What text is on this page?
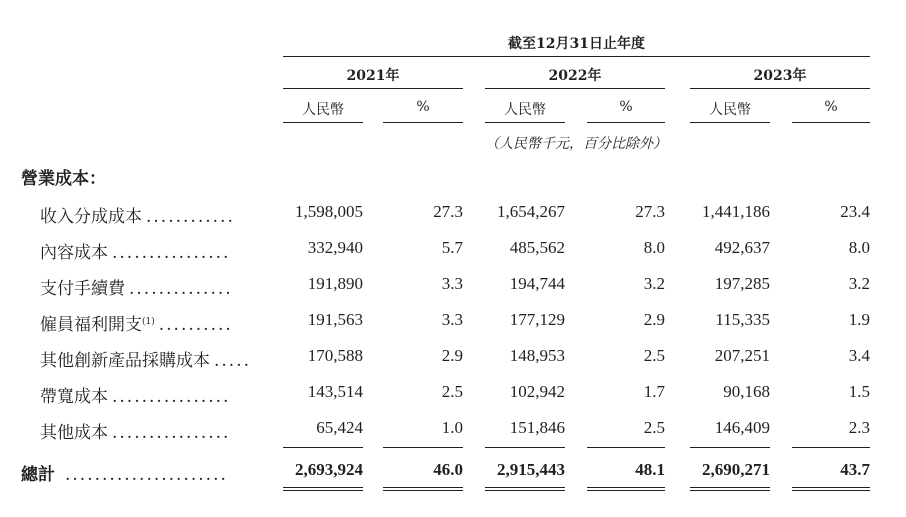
截至12月31日止年度
2021年	2022年	2023年
人民幣	%	人民幣	%	人民幣	%
（人民幣千元，百分比除外）
營業成本：
收入分成成本 ............	1,598,005	27.3	1,654,267	27.3	1,441,186	23.4
內容成本 ................	332,940	5.7	485,562	8.0	492,637	8.0
支付手續費 ..............	191,890	3.3	194,744	3.2	197,285	3.2
僱員福利開支$^{(1)}$ ..........	191,563	3.3	177,129	2.9	115,335	1.9
其他創新產品採購成本 .....	170,588	2.9	148,953	2.5	207,251	3.4
帶寬成本 ................	143,514	2.5	102,942	1.7	90,168	1.5
其他成本 ................	65,424	1.0	151,846	2.5	146,409	2.3
總計 ......................	2,693,924	46.0	2,915,443	48.1	2,690,271	43.7
